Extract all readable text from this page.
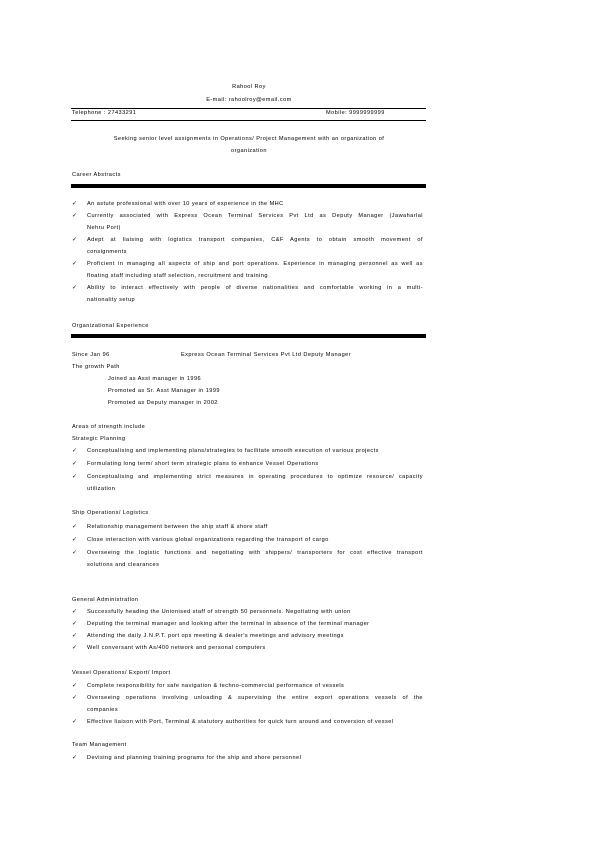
Rahool Roy
E-mail: rahoolroy@email.com
Telephone : 27433291	Mobile: 9999999999
Seeking senior level assignments in Operations/ Project Management with an organization of
organization
Career Abstracts
✓ An astute professional with over 10 years of experience in the MHC
✓ Currently associated with Express Ocean Terminal Services Pvt Ltd as Deputy Manager (Jawaharlal
Nehru Port)
✓ Adept at liaising with logistics transport companies, C&F Agents to obtain smooth movement of
consignments
✓ Proficient in managing all aspects of ship and port operations. Experience in managing personnel as well as
floating staff including staff selection, recruitment and training
✓ Ability to interact effectively with people of diverse nationalities and comfortable working in a multi-
nationality setup
Organizational Experience
Since Jan 96	Express Ocean Terminal Services Pvt Ltd Deputy Manager
The growth Path
Joined as Asst manager in 1996
Promoted as Sr. Asst Manager in 1999
Promoted as Deputy manager in 2002
Areas of strength include
Strategic Planning
✓ Conceptualising and implementing plans/strategies to facilitate smooth execution of various projects
✓ Formulating long term/ short term strategic plans to enhance Vessel Operations
✓ Conceptualising and implementing strict measures in operating procedures to optimize resource/ capacity
utilization
Ship Operations/ Logistics
✓ Relationship management between the ship staff & shore staff
✓ Close interaction with various global organizations regarding the transport of cargo
✓ Overseeing the logistic functions and negotiating with shippers/ transporters for cost effective transport
solutions and clearances
General Administration
✓ Successfully heading the Unionised staff of strength 50 personnels. Negotiating with union
✓ Deputing the terminal manager and looking after the terminal in absence of the terminal manager
✓ Attending the daily J.N.P.T. port ops meeting & dealer's meetings and advisory meetings
✓ Well conversant with As/400 network and personal computers
Vessel Operations/ Export/ Import
✓ Complete responsibility for safe navigation & techno-commercial performance of vessels
✓ Overseeing operations involving unloading & supervising the entire export operations vessels of the
companies
✓ Effective liaison with Port, Terminal & statutory authorities for quick turn around and conversion of vessel
Team Management
✓ Devising and planning training programs for the ship and shore personnel
